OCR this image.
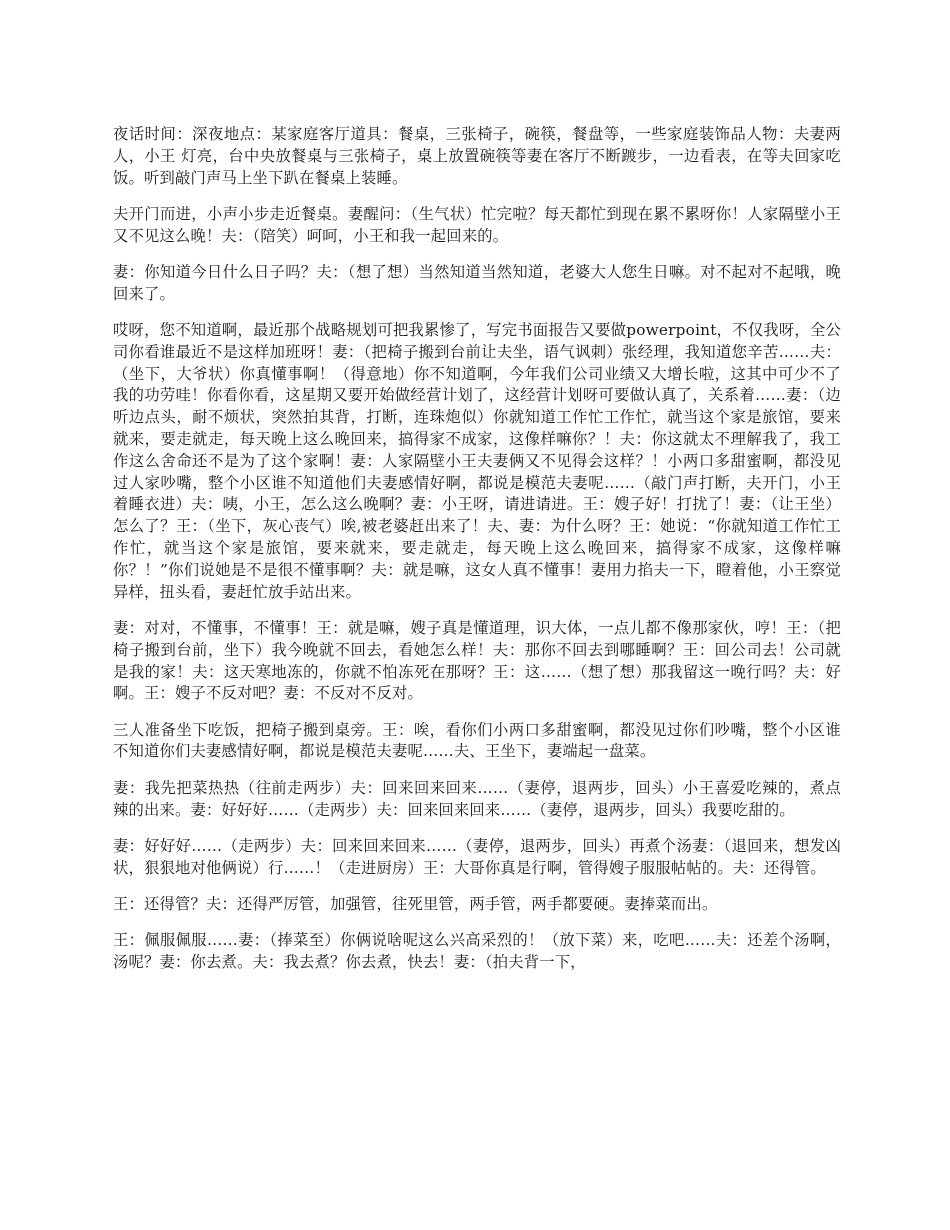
夜话时间：深夜地点：某家庭客厅道具：餐桌，三张椅子，碗筷，餐盘等，一些家庭装饰品人物：夫妻两人，小王 灯亮，台中央放餐桌与三张椅子，桌上放置碗筷等妻在客厅不断踱步，一边看表，在等夫回家吃饭。听到敲门声马上坐下趴在餐桌上装睡。

夫开门而进，小声小步走近餐桌。妻醒问：（生气状）忙完啦？每天都忙到现在累不累呀你！人家隔壁小王又不见这么晚！夫：（陪笑）呵呵，小王和我一起回来的。

妻：你知道今日什么日子吗？夫：（想了想）当然知道当然知道，老婆大人您生日嘛。对不起对不起哦，晚回来了。

哎呀，您不知道啊，最近那个战略规划可把我累惨了，写完书面报告又要做powerpoint，不仅我呀，全公司你看谁最近不是这样加班呀！妻：（把椅子搬到台前让夫坐，语气讽刺）张经理，我知道您辛苦……夫：（坐下，大爷状）你真懂事啊！（得意地）你不知道啊，今年我们公司业绩又大增长啦，这其中可少不了我的功劳哇！你看你看，这星期又要开始做经营计划了，这经营计划呀可要做认真了，关系着……妻：（边听边点头，耐不烦状，突然拍其背，打断，连珠炮似）你就知道工作忙工作忙，就当这个家是旅馆，要来就来，要走就走，每天晚上这么晚回来，搞得家不成家，这像样嘛你？！夫：你这就太不理解我了，我工作这么舍命还不是为了这个家啊！妻：人家隔壁小王夫妻俩又不见得会这样？！小两口多甜蜜啊，都没见过人家吵嘴，整个小区谁不知道他们夫妻感情好啊，都说是模范夫妻呢……（敲门声打断，夫开门，小王着睡衣进）夫：咦，小王，怎么这么晚啊？妻：小王呀，请进请进。王：嫂子好！打扰了！妻：（让王坐）怎么了？王：（坐下，灰心丧气）唉,被老婆赶出来了！夫、妻：为什么呀？王：她说：“你就知道工作忙工作忙，就当这个家是旅馆，要来就来，要走就走，每天晚上这么晚回来，搞得家不成家，这像样嘛你？！”你们说她是不是很不懂事啊？夫：就是嘛，这女人真不懂事！妻用力掐夫一下，瞪着他，小王察觉异样，扭头看，妻赶忙放手站出来。

妻：对对，不懂事，不懂事！王：就是嘛，嫂子真是懂道理，识大体，一点儿都不像那家伙，哼！王：（把椅子搬到台前，坐下）我今晚就不回去，看她怎么样！夫：那你不回去到哪睡啊？王：回公司去！公司就是我的家！夫：这天寒地冻的，你就不怕冻死在那呀？王：这……（想了想）那我留这一晚行吗？夫：好啊。王：嫂子不反对吧？妻：不反对不反对。

三人准备坐下吃饭，把椅子搬到桌旁。王：唉，看你们小两口多甜蜜啊，都没见过你们吵嘴，整个小区谁不知道你们夫妻感情好啊，都说是模范夫妻呢……夫、王坐下，妻端起一盘菜。

妻：我先把菜热热（往前走两步）夫：回来回来回来……（妻停，退两步，回头）小王喜爱吃辣的，煮点辣的出来。妻：好好好……（走两步）夫：回来回来回来……（妻停，退两步，回头）我要吃甜的。

妻：好好好……（走两步）夫：回来回来回来……（妻停，退两步，回头）再煮个汤妻：（退回来，想发凶状，狠狠地对他俩说）行……！（走进厨房）王：大哥你真是行啊，管得嫂子服服帖帖的。夫：还得管。

王：还得管？夫：还得严厉管，加强管，往死里管，两手管，两手都要硬。妻捧菜而出。

王：佩服佩服……妻：（捧菜至）你俩说啥呢这么兴高采烈的！（放下菜）来，吃吧……夫：还差个汤啊，汤呢？妻：你去煮。夫：我去煮？你去煮，快去！妻：（拍夫背一下，
